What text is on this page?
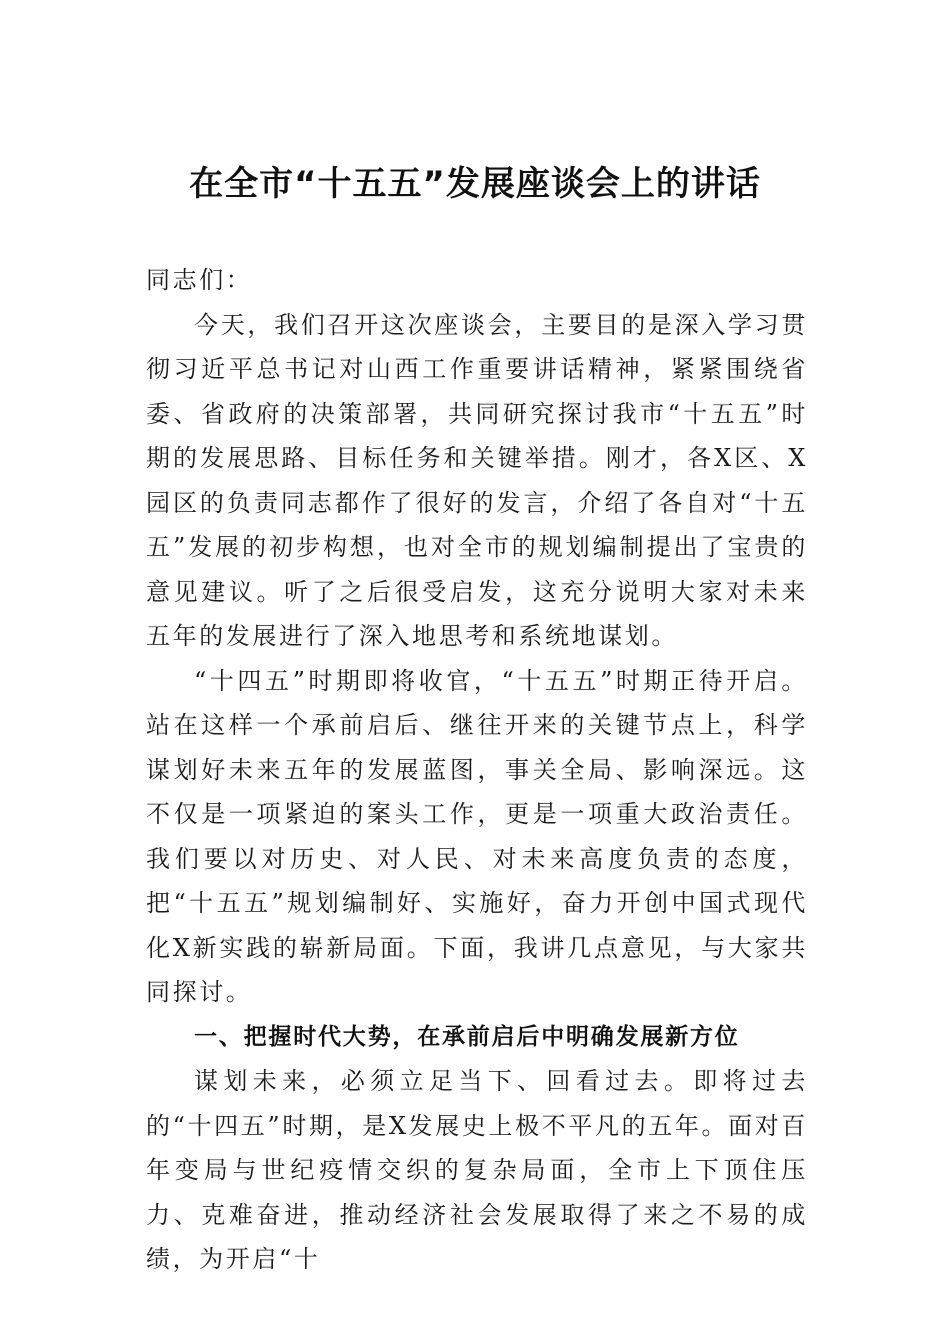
在全市“十五五”发展座谈会上的讲话

同志们：

今天，我们召开这次座谈会，主要目的是深入学习贯彻习近平总书记对山西工作重要讲话精神，紧紧围绕省委、省政府的决策部署，共同研究探讨我市“十五五”时期的发展思路、目标任务和关键举措。刚才，各X区、X园区的负责同志都作了很好的发言，介绍了各自对“十五五”发展的初步构想，也对全市的规划编制提出了宝贵的意见建议。听了之后很受启发，这充分说明大家对未来五年的发展进行了深入地思考和系统地谋划。

“十四五”时期即将收官，“十五五”时期正待开启。站在这样一个承前启后、继往开来的关键节点上，科学谋划好未来五年的发展蓝图，事关全局、影响深远。这不仅是一项紧迫的案头工作，更是一项重大政治责任。我们要以对历史、对人民、对未来高度负责的态度，把“十五五”规划编制好、实施好，奋力开创中国式现代化X新实践的崭新局面。下面，我讲几点意见，与大家共同探讨。

一、把握时代大势，在承前启后中明确发展新方位

谋划未来，必须立足当下、回看过去。即将过去的“十四五”时期，是X发展史上极不平凡的五年。面对百年变局与世纪疫情交织的复杂局面，全市上下顶住压力、克难奋进，推动经济社会发展取得了来之不易的成绩，为开启“十
